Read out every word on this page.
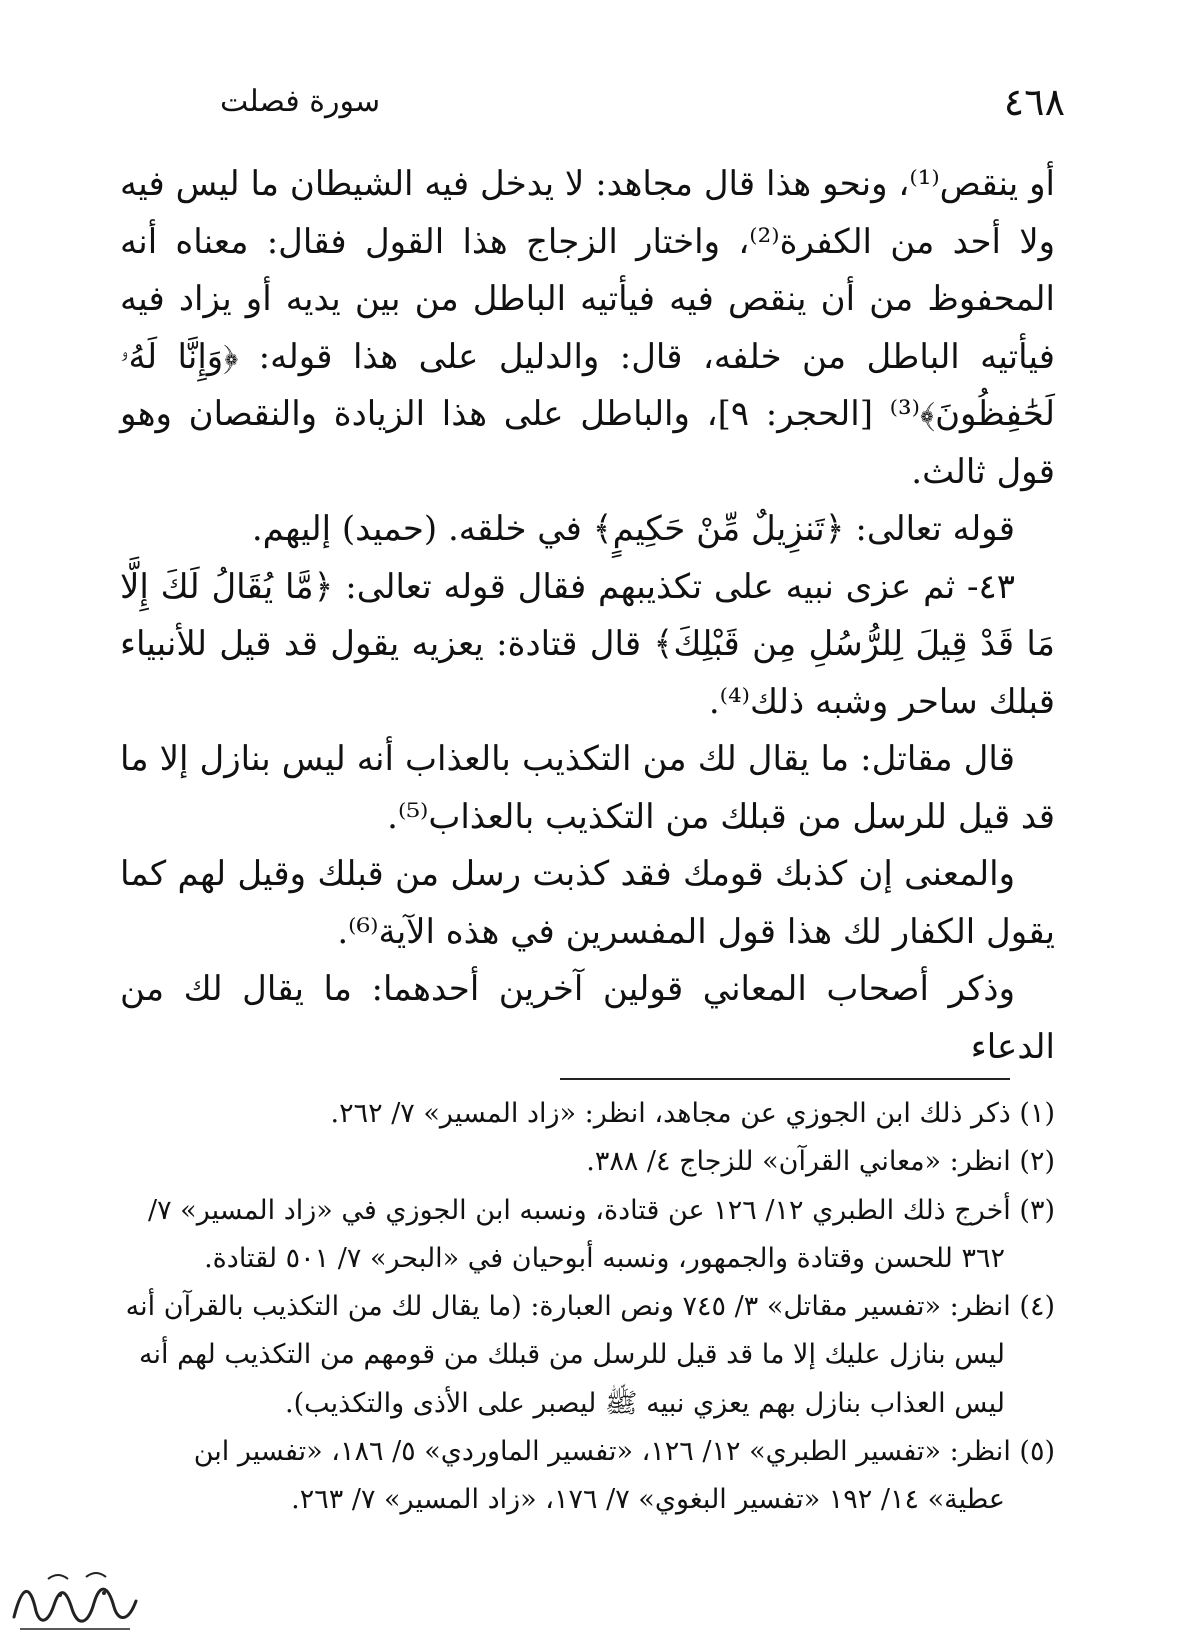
سورة فصلت	٤٦٨

أو ينقص⁽¹⁾، ونحو هذا قال مجاهد: لا يدخل فيه الشيطان ما ليس فيه ولا أحد من الكفرة⁽²⁾، واختار الزجاج هذا القول فقال: معناه أنه المحفوظ من أن ينقص فيه فيأتيه الباطل من بين يديه أو يزاد فيه فيأتيه الباطل من خلفه، قال: والدليل على هذا قوله: ﴿وَإِنَّا لَهُۥ لَحَٰفِظُونَ﴾⁽³⁾ [الحجر: ٩]، والباطل على هذا الزيادة والنقصان وهو قول ثالث.

قوله تعالى: ﴿تَنزِيلٌ مِّنْ حَكِيمٍ﴾ في خلقه. (حميد) إليهم.

٤٣- ثم عزى نبيه على تكذيبهم فقال قوله تعالى: ﴿مَّا يُقَالُ لَكَ إِلَّا مَا قَدْ قِيلَ لِلرُّسُلِ مِن قَبْلِكَ﴾ قال قتادة: يعزيه يقول قد قيل للأنبياء قبلك ساحر وشبه ذلك⁽⁴⁾.

قال مقاتل: ما يقال لك من التكذيب بالعذاب أنه ليس بنازل إلا ما قد قيل للرسل من قبلك من التكذيب بالعذاب⁽⁵⁾.

والمعنى إن كذبك قومك فقد كذبت رسل من قبلك وقيل لهم كما يقول الكفار لك هذا قول المفسرين في هذه الآية⁽⁶⁾.

وذكر أصحاب المعاني قولين آخرين أحدهما: ما يقال لك من الدعاء

(١) ذكر ذلك ابن الجوزي عن مجاهد، انظر: «زاد المسير» ٧/ ٢٦٢.

(٢) انظر: «معاني القرآن» للزجاج ٤/ ٣٨٨.

(٣) أخرج ذلك الطبري ١٢/ ١٢٦ عن قتادة، ونسبه ابن الجوزي في «زاد المسير» ٧/ ٣٦٢ للحسن وقتادة والجمهور، ونسبه أبوحيان في «البحر» ٧/ ٥٠١ لقتادة.

(٤) انظر: «تفسير مقاتل» ٣/ ٧٤٥ ونص العبارة: (ما يقال لك من التكذيب بالقرآن أنه ليس بنازل عليك إلا ما قد قيل للرسل من قبلك من قومهم من التكذيب لهم أنه ليس العذاب بنازل بهم يعزي نبيه ﷺ ليصبر على الأذى والتكذيب).

(٥) انظر: «تفسير الطبري» ١٢/ ١٢٦، «تفسير الماوردي» ٥/ ١٨٦، «تفسير ابن عطية» ١٤/ ١٩٢ «تفسير البغوي» ٧/ ١٧٦، «زاد المسير» ٧/ ٢٦٣.
